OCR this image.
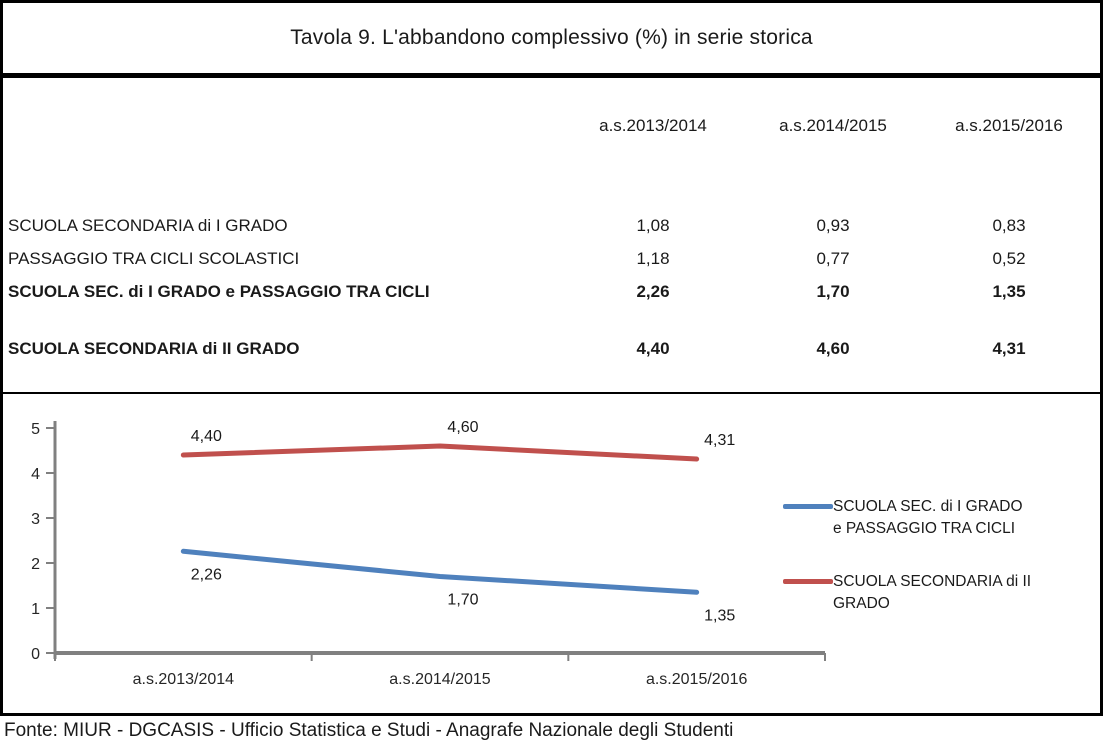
Tavola 9. L'abbandono complessivo (%) in serie storica
a.s.2013/2014	a.s.2014/2015	a.s.2015/2016
SCUOLA SECONDARIA di I GRADO	1,08	0,93	0,83
PASSAGGIO TRA CICLI SCOLASTICI	1,18	0,77	0,52
SCUOLA SEC. di I GRADO e PASSAGGIO TRA CICLI	2,26	1,70	1,35
SCUOLA SECONDARIA di II GRADO	4,40	4,60	4,31
0
1
2
3
4
5
a.s.2013/2014	a.s.2014/2015	a.s.2015/2016
2,26
1,70
1,35
4,40
4,60
4,31
SCUOLA SEC. di I GRADO e PASSAGGIO TRA CICLI
SCUOLA SECONDARIA di II GRADO
Fonte: MIUR - DGCASIS - Ufficio Statistica e Studi - Anagrafe Nazionale degli Studenti
